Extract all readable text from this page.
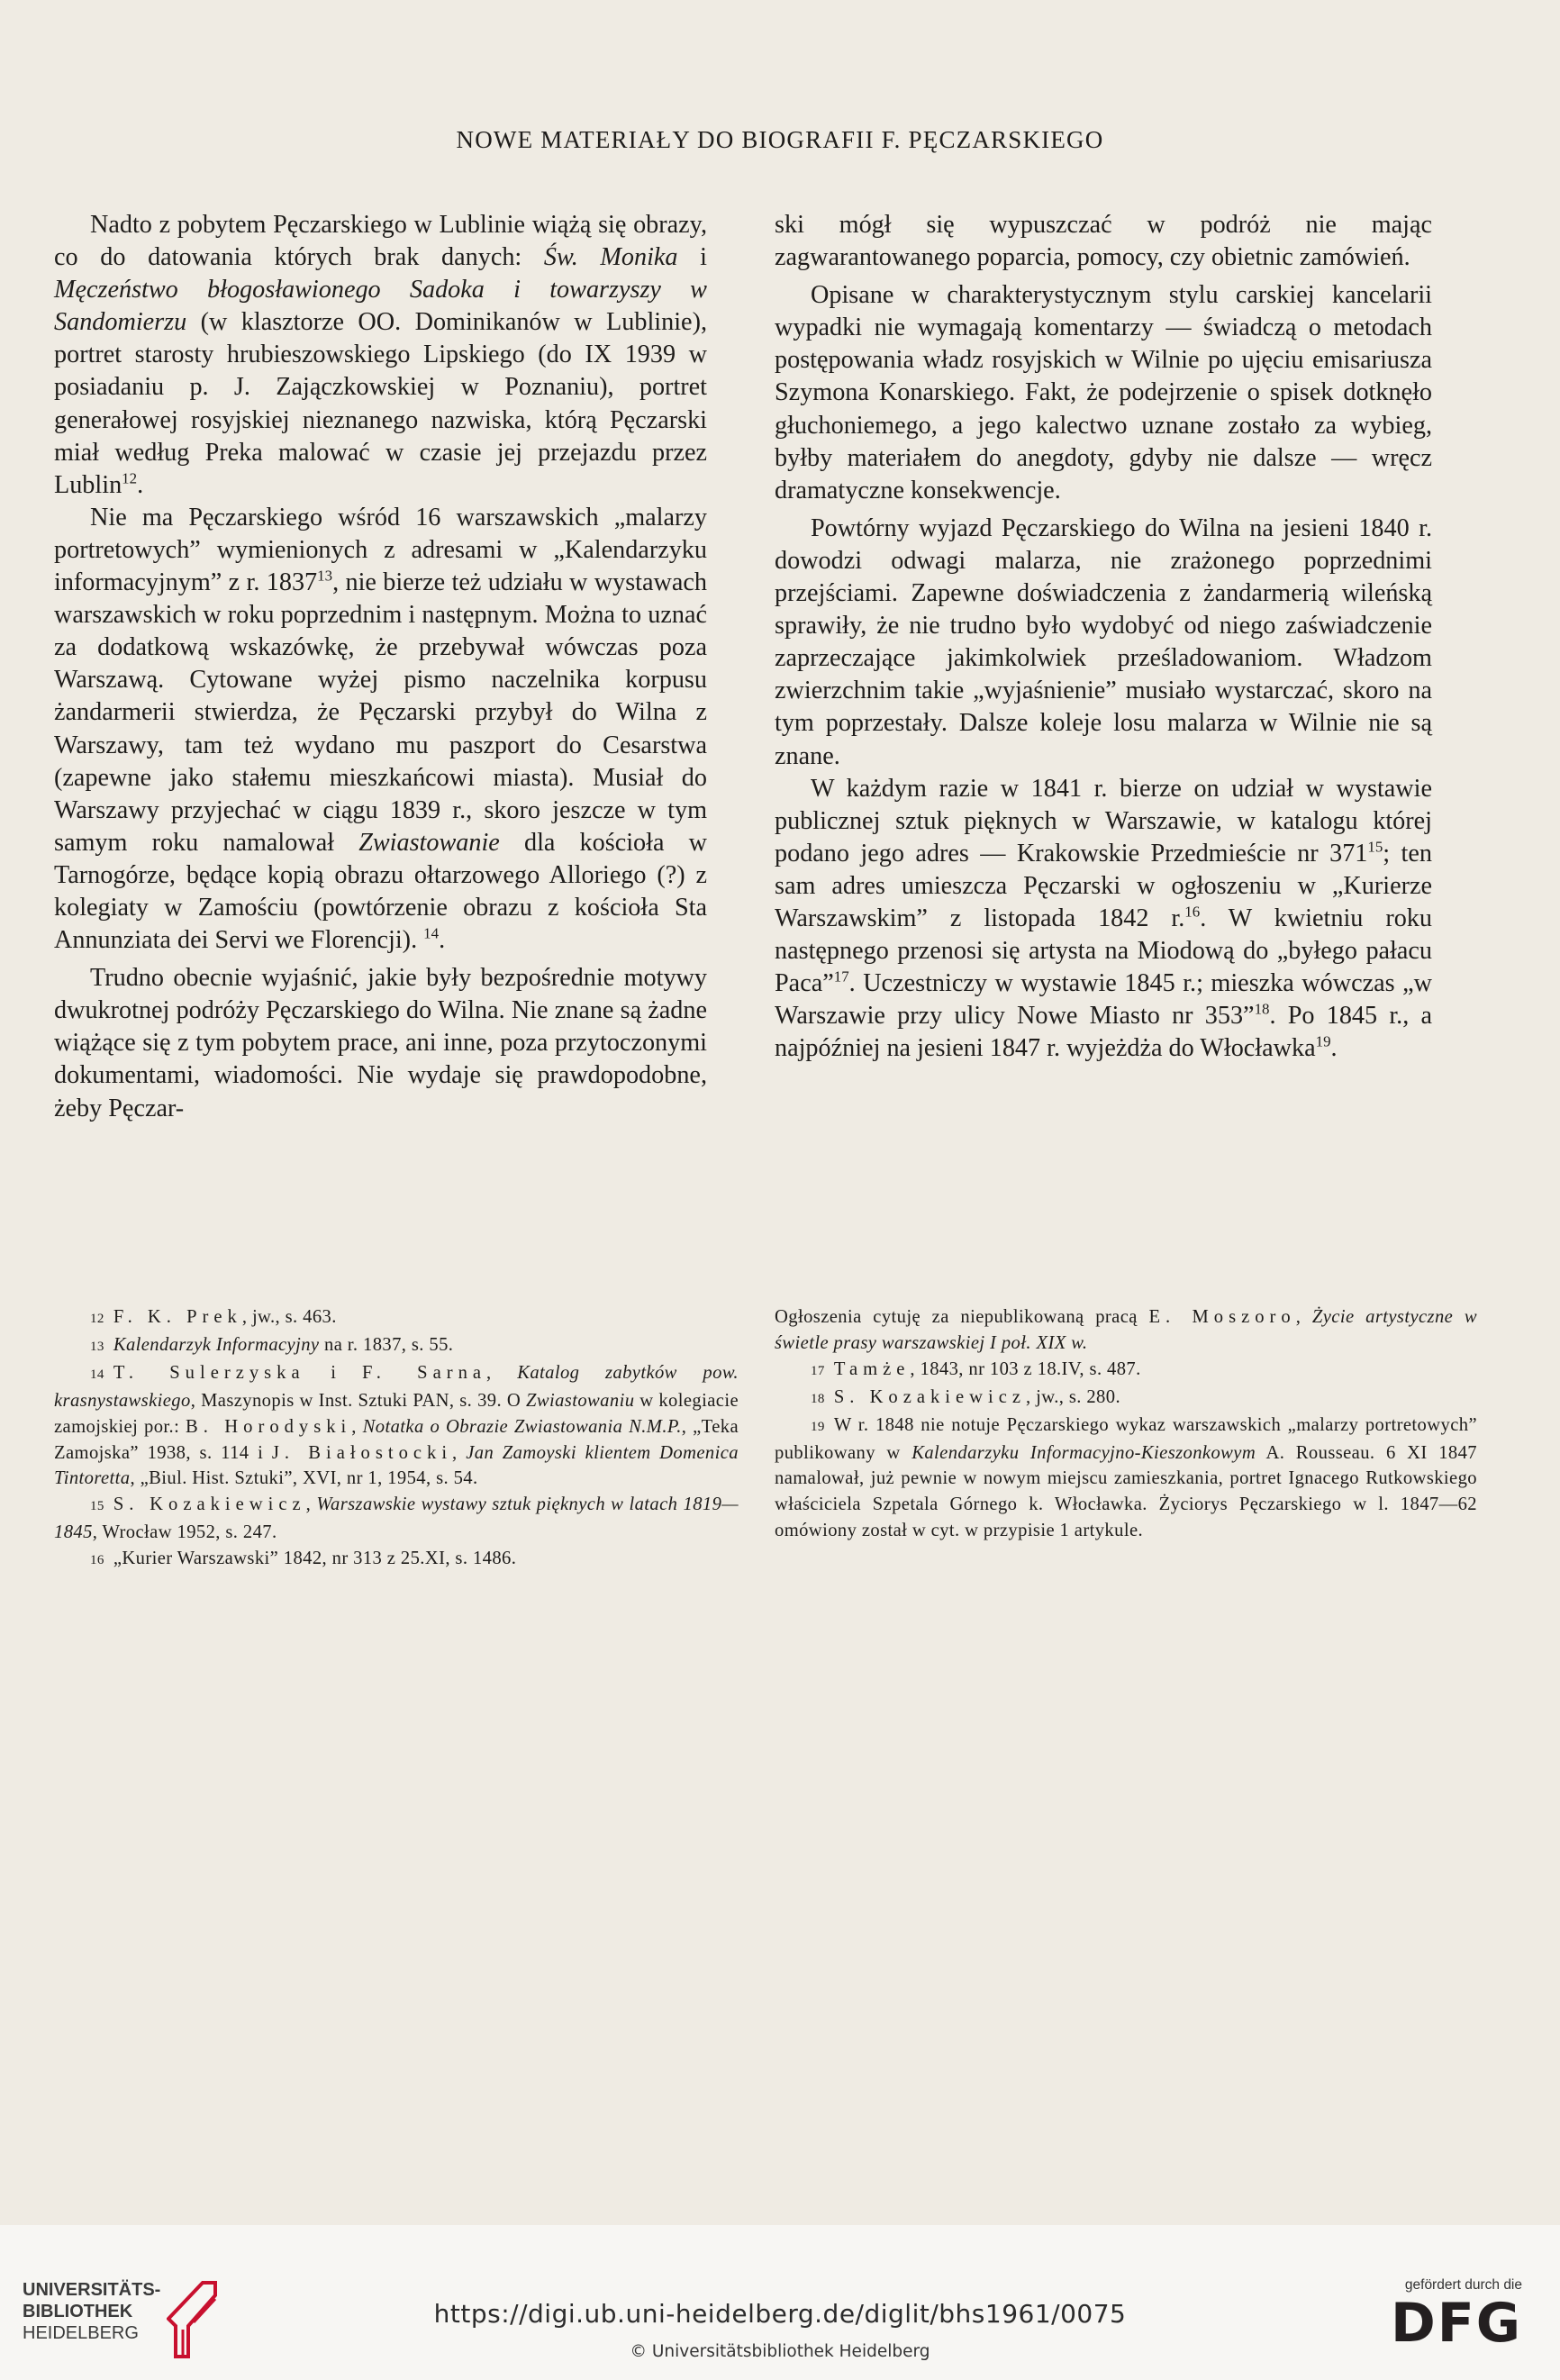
NOWE MATERIAŁY DO BIOGRAFII F. PĘCZARSKIEGO

Nadto z pobytem Pęczarskiego w Lublinie wiążą się obrazy, co do datowania których brak danych: Św. Monika i Męczeństwo błogosławionego Sadoka i towarzyszy w Sandomierzu (w klasztorze OO. Dominikanów w Lublinie), portret starosty hrubieszowskiego Lipskiego (do IX 1939 w posiadaniu p. J. Zajączkowskiej w Poznaniu), portret generałowej rosyjskiej nieznanego nazwiska, którą Pęczarski miał według Preka malować w czasie jej przejazdu przez Lublin$^{12}$.

Nie ma Pęczarskiego wśród 16 warszawskich „malarzy portretowych” wymienionych z adresami w „Kalendarzyku informacyjnym” z r. 1837$^{13}$, nie bierze też udziału w wystawach warszawskich w roku poprzednim i następnym. Można to uznać za dodatkową wskazówkę, że przebywał wówczas poza Warszawą. Cytowane wyżej pismo naczelnika korpusu żandarmerii stwierdza, że Pęczarski przybył do Wilna z Warszawy, tam też wydano mu paszport do Cesarstwa (zapewne jako stałemu mieszkańcowi miasta). Musiał do Warszawy przyjechać w ciągu 1839 r., skoro jeszcze w tym samym roku namalował Zwiastowanie dla kościoła w Tarnogórze, będące kopią obrazu ołtarzowego Alloriego (?) z kolegiaty w Zamościu (powtórzenie obrazu z kościoła Sta Annunziata dei Servi we Florencji). $^{14}$.

Trudno obecnie wyjaśnić, jakie były bezpośrednie motywy dwukrotnej podróży Pęczarskiego do Wilna. Nie znane są żadne wiążące się z tym pobytem prace, ani inne, poza przytoczonymi dokumentami, wiadomości. Nie wydaje się prawdopodobne, żeby Pęczar-

ski mógł się wypuszczać w podróż nie mając zagwarantowanego poparcia, pomocy, czy obietnic zamówień.

Opisane w charakterystycznym stylu carskiej kancelarii wypadki nie wymagają komentarzy — świadczą o metodach postępowania władz rosyjskich w Wilnie po ujęciu emisariusza Szymona Konarskiego. Fakt, że podejrzenie o spisek dotknęło głuchoniemego, a jego kalectwo uznane zostało za wybieg, byłby materiałem do anegdoty, gdyby nie dalsze — wręcz dramatyczne konsekwencje.

Powtórny wyjazd Pęczarskiego do Wilna na jesieni 1840 r. dowodzi odwagi malarza, nie zrażonego poprzednimi przejściami. Zapewne doświadczenia z żandarmerią wileńską sprawiły, że nie trudno było wydobyć od niego zaświadczenie zaprzeczające jakimkolwiek prześladowaniom. Władzom zwierzchnim takie „wyjaśnienie” musiało wystarczać, skoro na tym poprzestały. Dalsze koleje losu malarza w Wilnie nie są znane.

W każdym razie w 1841 r. bierze on udział w wystawie publicznej sztuk pięknych w Warszawie, w katalogu której podano jego adres — Krakowskie Przedmieście nr $371^{15}$; ten sam adres umieszcza Pęczarski w ogłoszeniu w „Kurierze Warszawskim” z listopada 1842 r.$^{16}$. W kwietniu roku następnego przenosi się artysta na Miodową do „byłego pałacu Paca”$^{17}$. Uczestniczy w wystawie 1845 r.; mieszka wówczas „w Warszawie przy ulicy Nowe Miasto nr 353”$^{18}$. Po 1845 r., a najpóźniej na jesieni 1847 r. wyjeżdża do Włocławka$^{19}$.

12 F. K. Prek, jw., s. 463.

13 Kalendarzyk Informacyjny na r. 1837, s. 55.

14 T. Sulerzyska i F. Sarna, Katalog zabytków pow. krasnystawskiego, Maszynopis w Inst. Sztuki PAN, s. 39. O Zwiastowaniu w kolegiacie zamojskiej por.: B. Horodyski, Notatka o Obrazie Zwiastowania N.M.P., „Teka Zamojska” 1938, s. 114 i J. Białostocki, Jan Zamoyski klientem Domenica Tintoretta, „Biul. Hist. Sztuki”, XVI, nr 1, 1954, s. 54.

15 S. Kozakiewicz, Warszawskie wystawy sztuk pięknych w latach 1819—1845, Wrocław 1952, s. 247.

16 „Kurier Warszawski” 1842, nr 313 z 25.XI, s. 1486.

Ogłoszenia cytuję za niepublikowaną pracą E. Moszoro, Życie artystyczne w świetle prasy warszawskiej I poł. XIX w.

17 Tamże, 1843, nr 103 z 18.IV, s. 487.

18 S. Kozakiewicz, jw., s. 280.

19 W r. 1848 nie notuje Pęczarskiego wykaz warszawskich „malarzy portretowych” publikowany w Kalendarzyku Informacyjno-Kieszonkowym A. Rousseau. 6 XI 1847 namalował, już pewnie w nowym miejscu zamieszkania, portret Ignacego Rutkowskiego właściciela Szpetala Górnego k. Włocławka. Życiorys Pęczarskiego w l. 1847—62 omówiony został w cyt. w przypisie 1 artykule.

UNIVERSITÄTS-
BIBLIOTHEK
HEIDELBERG
https://digi.ub.uni-heidelberg.de/diglit/bhs1961/0075
© Universitätsbibliothek Heidelberg
gefördert durch die
DFG
